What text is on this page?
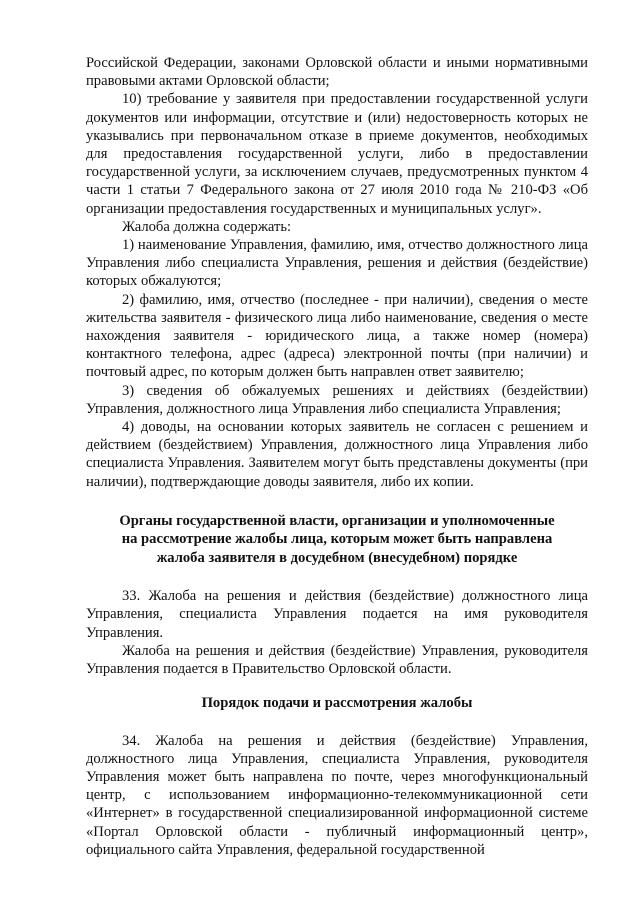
Российской Федерации, законами Орловской области и иными нормативными правовыми актами Орловской области;

10) требование у заявителя при предоставлении государственной услуги документов или информации, отсутствие и (или) недостоверность которых не указывались при первоначальном отказе в приеме документов, необходимых для предоставления государственной услуги, либо в предоставлении государственной услуги, за исключением случаев, предусмотренных пунктом 4 части 1 статьи 7 Федерального закона от 27 июля 2010 года № 210-ФЗ «Об организации предоставления государственных и муниципальных услуг».

Жалоба должна содержать:

1) наименование Управления, фамилию, имя, отчество должностного лица Управления либо специалиста Управления, решения и действия (бездействие) которых обжалуются;

2) фамилию, имя, отчество (последнее - при наличии), сведения о месте жительства заявителя - физического лица либо наименование, сведения о месте нахождения заявителя - юридического лица, а также номер (номера) контактного телефона, адрес (адреса) электронной почты (при наличии) и почтовый адрес, по которым должен быть направлен ответ заявителю;

3) сведения об обжалуемых решениях и действиях (бездействии) Управления, должностного лица Управления либо специалиста Управления;

4) доводы, на основании которых заявитель не согласен с решением и действием (бездействием) Управления, должностного лица Управления либо специалиста Управления. Заявителем могут быть представлены документы (при наличии), подтверждающие доводы заявителя, либо их копии.

Органы государственной власти, организации и уполномоченные
на рассмотрение жалобы лица, которым может быть направлена
жалоба заявителя в досудебном (внесудебном) порядке

33. Жалоба на решения и действия (бездействие) должностного лица Управления, специалиста Управления подается на имя руководителя Управления.

Жалоба на решения и действия (бездействие) Управления, руководителя Управления подается в Правительство Орловской области.

Порядок подачи и рассмотрения жалобы

34. Жалоба на решения и действия (бездействие) Управления, должностного лица Управления, специалиста Управления, руководителя Управления может быть направлена по почте, через многофункциональный центр, с использованием информационно-телекоммуникационной сети «Интернет» в государственной специализированной информационной системе «Портал Орловской области - публичный информационный центр», официального сайта Управления, федеральной государственной
